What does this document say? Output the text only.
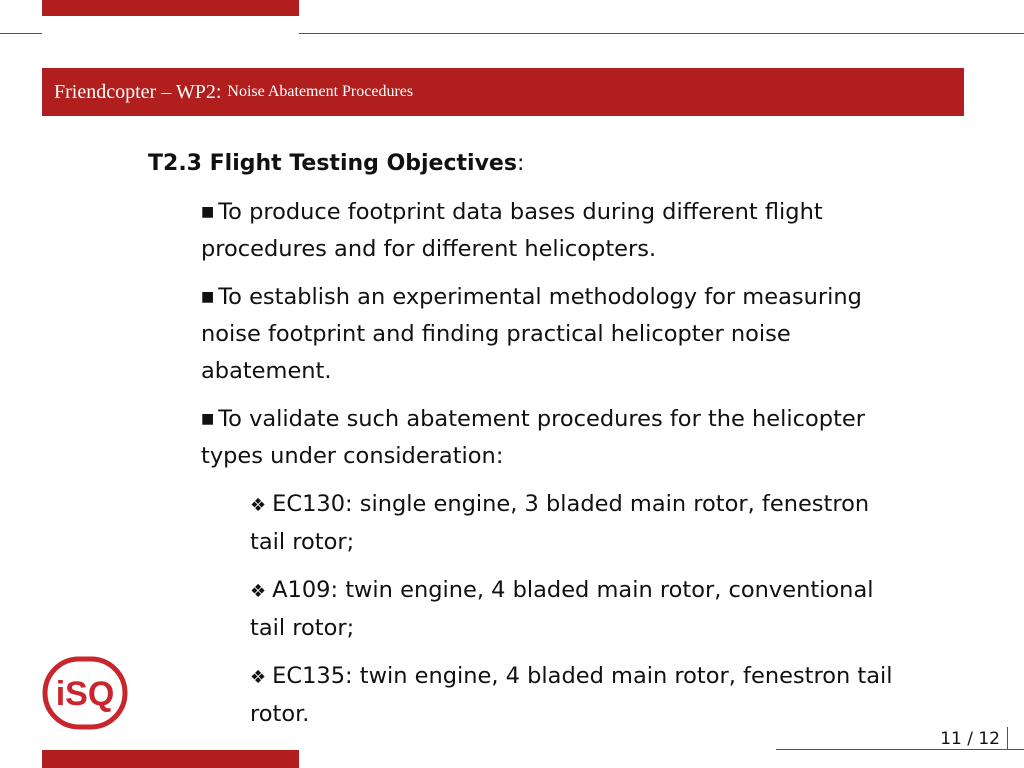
Friendcopter – WP2: Noise Abatement Procedures
T2.3 Flight Testing Objectives:
■ To produce footprint data bases during different flight procedures and for different helicopters.
■ To establish an experimental methodology for measuring noise footprint and finding practical helicopter noise abatement.
■ To validate such abatement procedures for the helicopter types under consideration:
❖ EC130: single engine, 3 bladed main rotor, fenestron tail rotor;
❖ A109: twin engine, 4 bladed main rotor, conventional tail rotor;
❖ EC135: twin engine, 4 bladed main rotor, fenestron tail rotor.
iSQ
11 / 12
